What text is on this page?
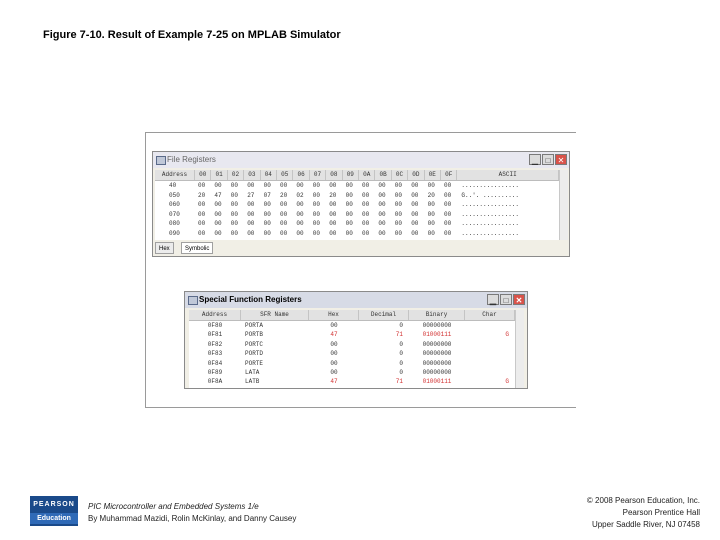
Figure 7-10. Result of Example 7-25 on MPLAB Simulator
File Registers	▁ □ ✕
Address	00	01	02	03	04	05	06	07	08	09	0A	0B	0C	0D	0E	0F	ASCII
40	00 00 00 00 00 00 00 00 00 00 00 00 00 00 00 00 ................
050	20 47 00 27 07 20 02 00 20 00 00 00 00 00 20 00 G..'. ..........
060	00 00 00 00 00 00 00 00 00 00 00 00 00 00 00 00 ................
070	00 00 00 00 00 00 00 00 00 00 00 00 00 00 00 00 ................
080	00 00 00 00 00 00 00 00 00 00 00 00 00 00 00 00 ................
090	00 00 00 00 00 00 00 00 00 00 00 00 00 00 00 00 ................
Hex	Symbolic
Special Function Registers	▁ □ ✕
Address	SFR Name	Hex	Decimal	Binary	Char
0F80	PORTA	00	0	00000000
0F81	PORTB	47	71	01000111	G
0F82	PORTC	00	0	00000000
0F83	PORTD	00	0	00000000
0F84	PORTE	00	0	00000000
0F89	LATA	00	0	00000000
0F8A	LATB	47	71	01000111	G
PEARSON
Education
PIC Microcontroller and Embedded Systems 1/e
By Muhammad Mazidi, Rolin McKinlay, and Danny Causey
© 2008 Pearson Education, Inc.
Pearson Prentice Hall
Upper Saddle River, NJ 07458
